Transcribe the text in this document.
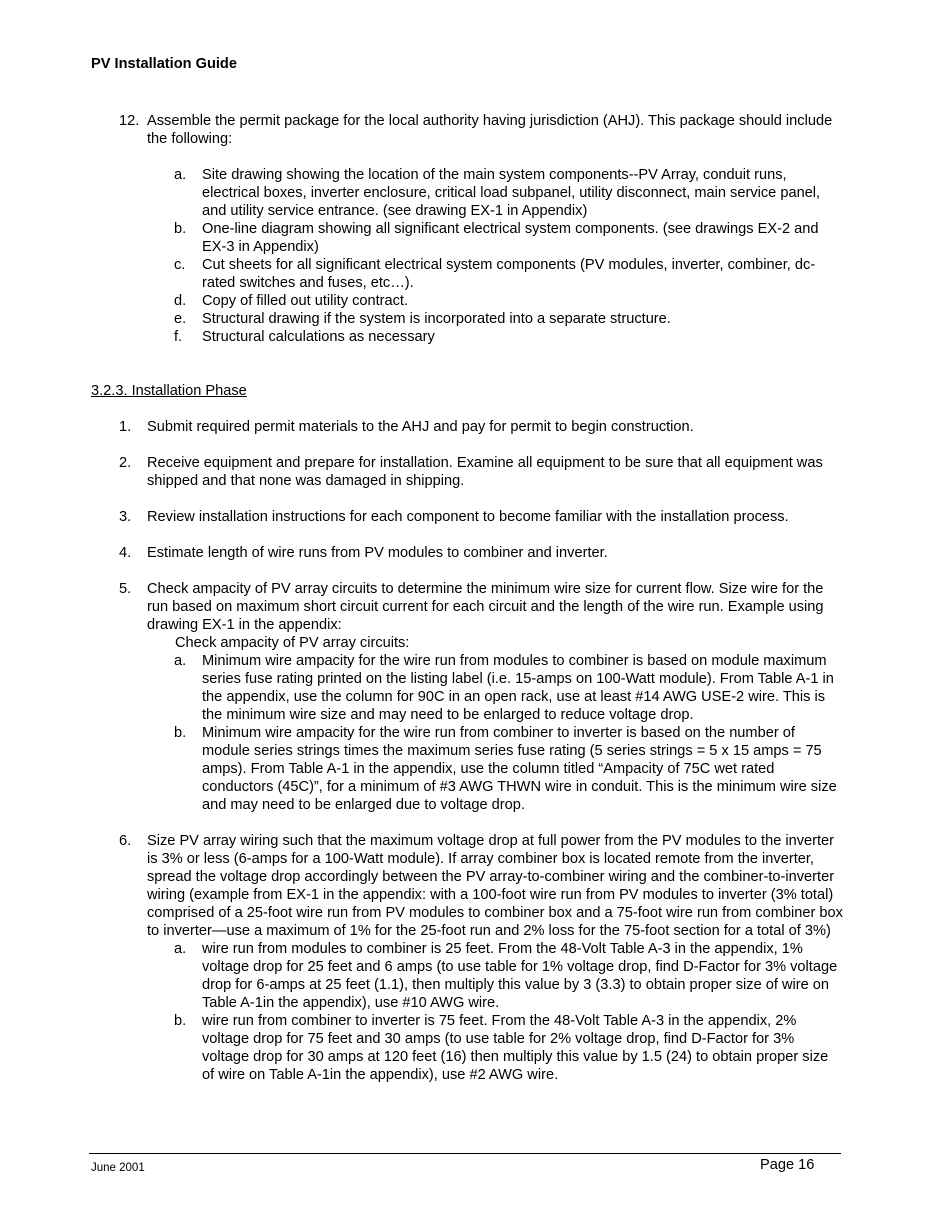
PV Installation Guide
12. Assemble the permit package for the local authority having jurisdiction (AHJ). This package should include the following:
a.	Site drawing showing the location of the main system components--PV Array, conduit runs, electrical boxes, inverter enclosure, critical load subpanel, utility disconnect, main service panel, and utility service entrance. (see drawing EX-1 in Appendix)
b.	One-line diagram showing all significant electrical system components. (see drawings EX-2 and EX-3 in Appendix)
c.	Cut sheets for all significant electrical system components (PV modules, inverter, combiner, dc-rated switches and fuses, etc…).
d.	Copy of filled out utility contract.
e.	Structural drawing if the system is incorporated into a separate structure.
f.	Structural calculations as necessary
3.2.3. Installation Phase
1.	Submit required permit materials to the AHJ and pay for permit to begin construction.
2.	Receive equipment and prepare for installation. Examine all equipment to be sure that all equipment was shipped and that none was damaged in shipping.
3.	Review installation instructions for each component to become familiar with the installation process.
4.	Estimate length of wire runs from PV modules to combiner and inverter.
5.	Check ampacity of PV array circuits to determine the minimum wire size for current flow. Size wire for the run based on maximum short circuit current for each circuit and the length of the wire run. Example using drawing EX-1 in the appendix:
Check ampacity of PV array circuits:
a.	Minimum wire ampacity for the wire run from modules to combiner is based on module maximum series fuse rating printed on the listing label (i.e. 15-amps on 100-Watt module). From Table A-1 in the appendix, use the column for 90C in an open rack, use at least #14 AWG USE-2 wire. This is the minimum wire size and may need to be enlarged to reduce voltage drop.
b.	Minimum wire ampacity for the wire run from combiner to inverter is based on the number of module series strings times the maximum series fuse rating (5 series strings = 5 x 15 amps = 75 amps). From Table A-1 in the appendix, use the column titled “Ampacity of 75C wet rated conductors (45C)”, for a minimum of #3 AWG THWN wire in conduit. This is the minimum wire size and may need to be enlarged due to voltage drop.
6.	Size PV array wiring such that the maximum voltage drop at full power from the PV modules to the inverter is 3% or less (6-amps for a 100-Watt module). If array combiner box is located remote from the inverter, spread the voltage drop accordingly between the PV array-to-combiner wiring and the combiner-to-inverter wiring (example from EX-1 in the appendix: with a 100-foot wire run from PV modules to inverter (3% total) comprised of a 25-foot wire run from PV modules to combiner box and a 75-foot wire run from combiner box to inverter—use a maximum of 1% for the 25-foot run and 2% loss for the 75-foot section for a total of 3%)
a.	wire run from modules to combiner is 25 feet. From the 48-Volt Table A-3 in the appendix, 1% voltage drop for 25 feet and 6 amps (to use table for 1% voltage drop, find D-Factor for 3% voltage drop for 6-amps at 25 feet (1.1), then multiply this value by 3 (3.3) to obtain proper size of wire on Table A-1in the appendix), use #10 AWG wire.
b.	wire run from combiner to inverter is 75 feet. From the 48-Volt Table A-3 in the appendix, 2% voltage drop for 75 feet and 30 amps (to use table for 2% voltage drop, find D-Factor for 3% voltage drop for 30 amps at 120 feet (16) then multiply this value by 1.5 (24) to obtain proper size of wire on Table A-1in the appendix), use #2 AWG wire.
June 2001	Page 16
